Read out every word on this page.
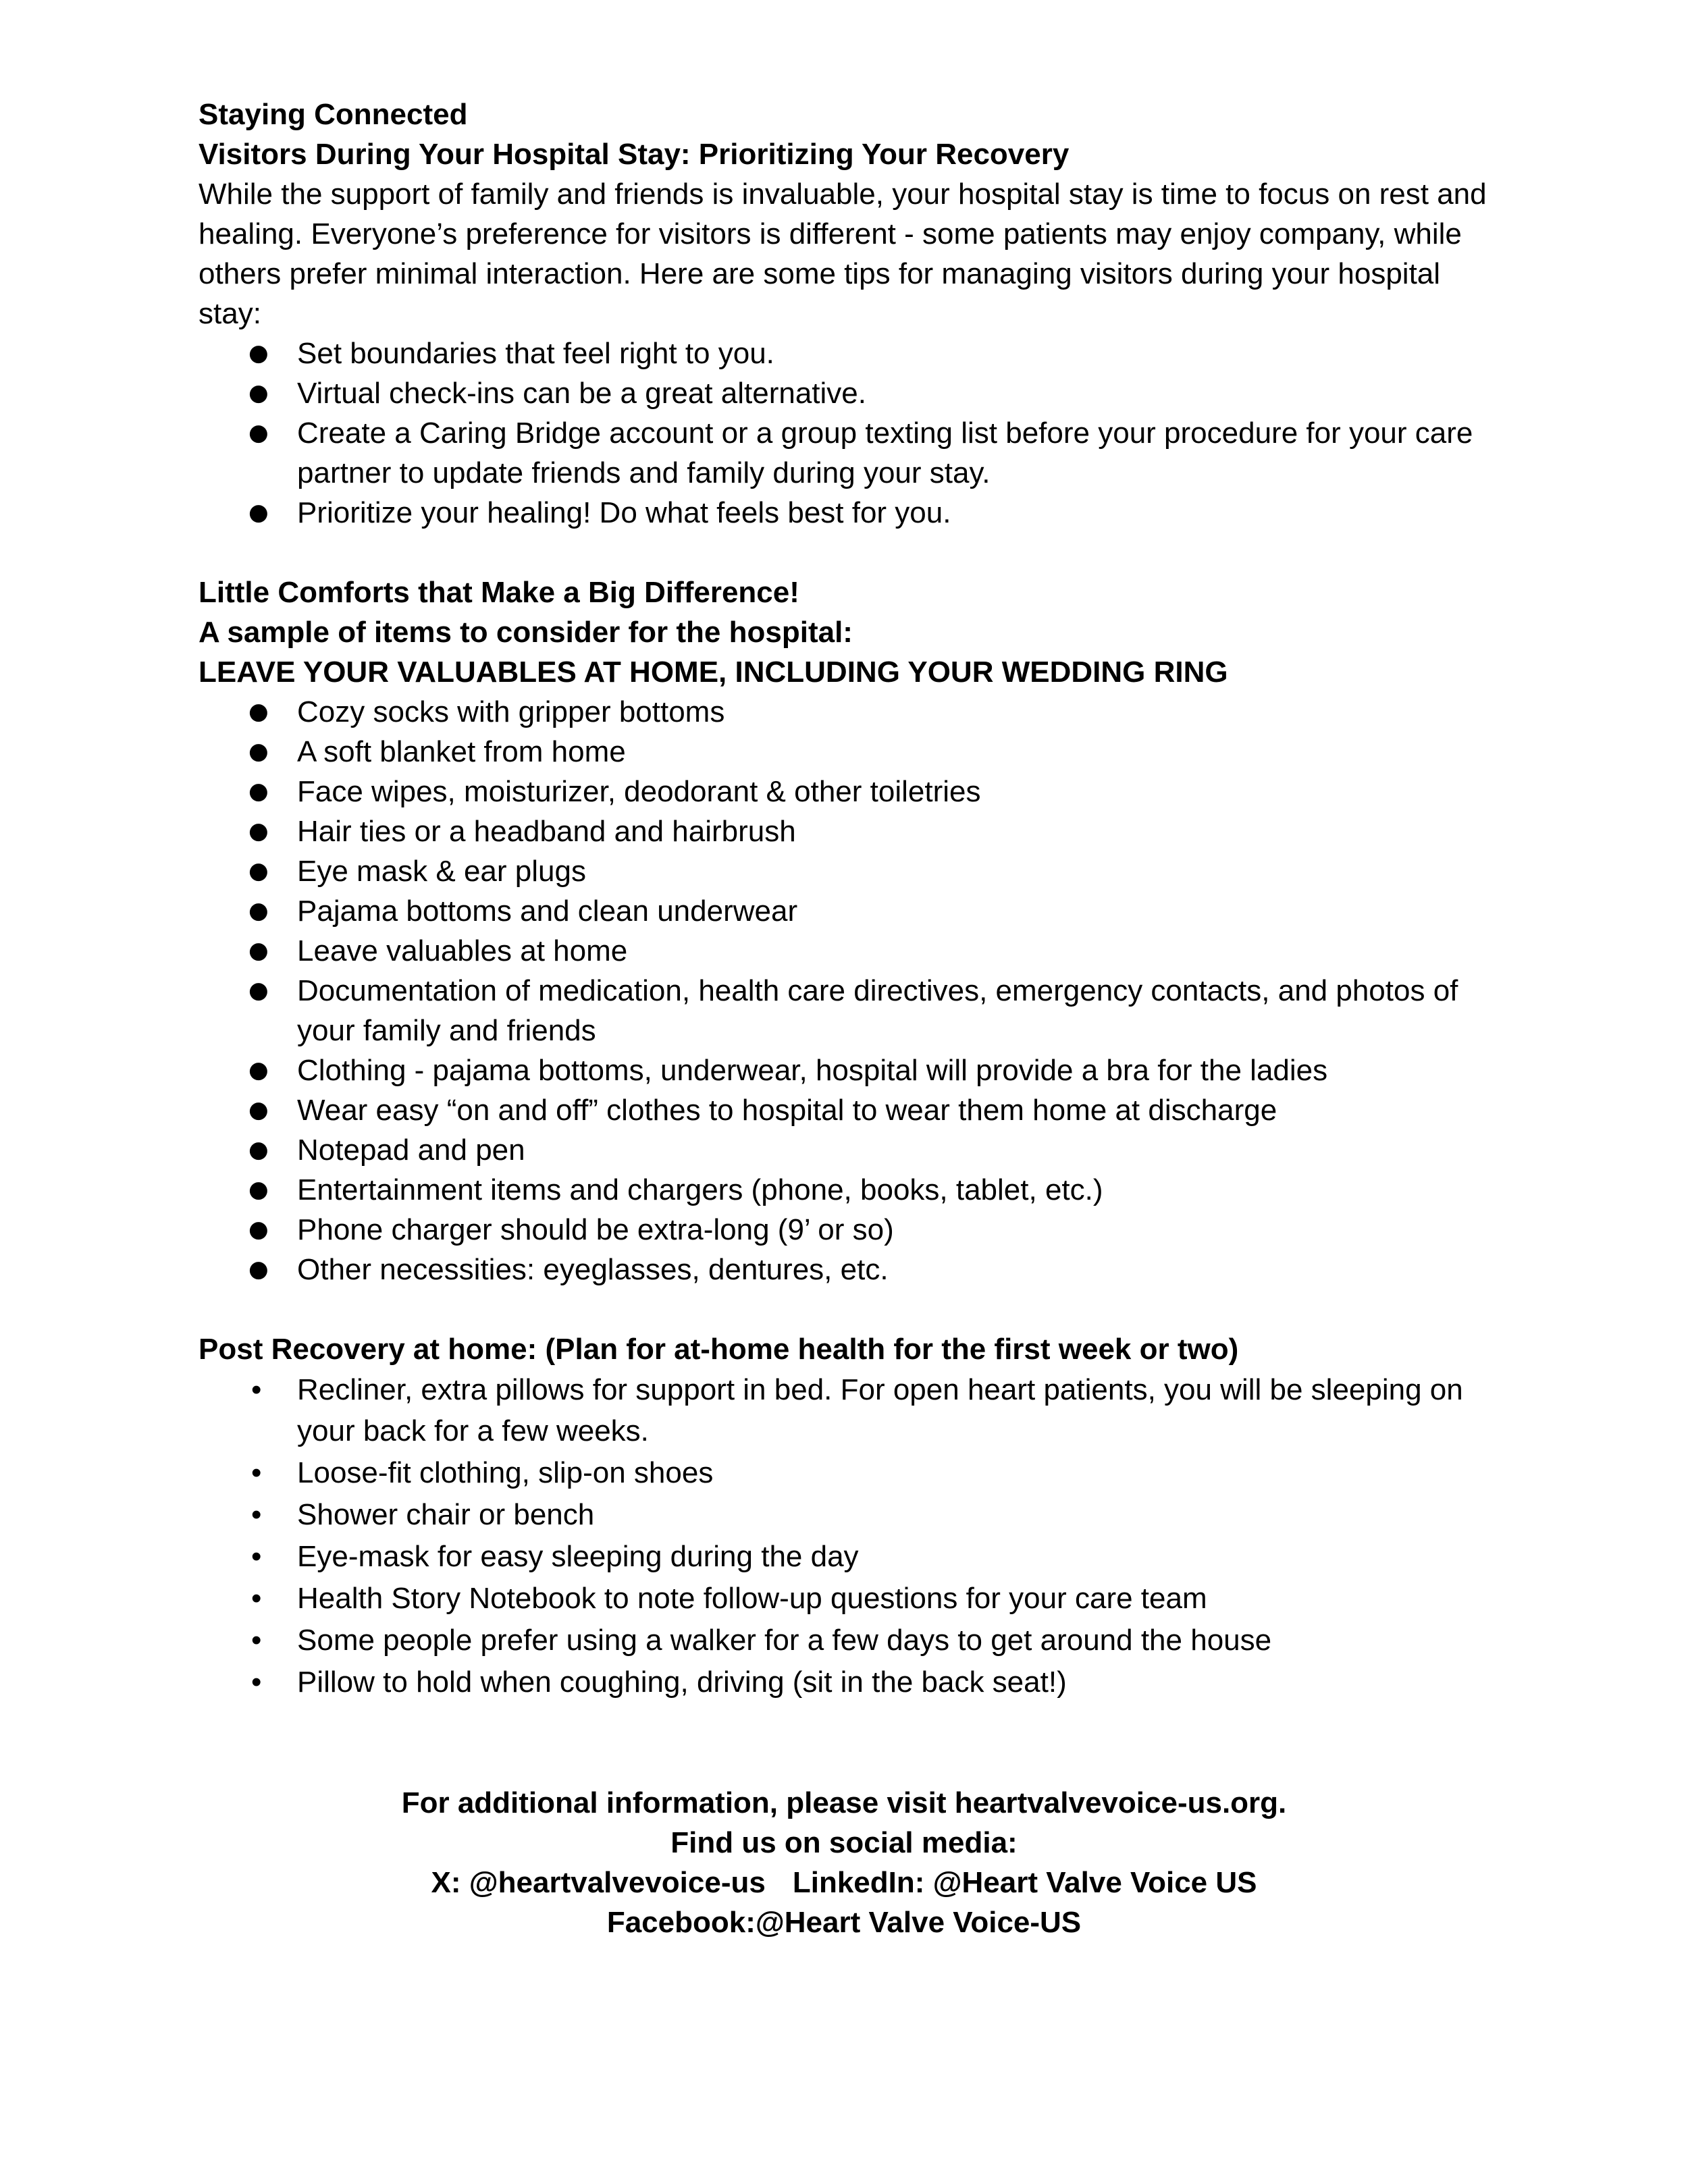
Staying Connected

Visitors During Your Hospital Stay: Prioritizing Your Recovery

While the support of family and friends is invaluable, your hospital stay is time to focus on rest and healing. Everyone’s preference for visitors is different - some patients may enjoy company, while others prefer minimal interaction. Here are some tips for managing visitors during your hospital stay:

● Set boundaries that feel right to you.
● Virtual check-ins can be a great alternative.
● Create a Caring Bridge account or a group texting list before your procedure for your care partner to update friends and family during your stay.
● Prioritize your healing! Do what feels best for you.

Little Comforts that Make a Big Difference!

A sample of items to consider for the hospital:

LEAVE YOUR VALUABLES AT HOME, INCLUDING YOUR WEDDING RING

● Cozy socks with gripper bottoms
● A soft blanket from home
● Face wipes, moisturizer, deodorant & other toiletries
● Hair ties or a headband and hairbrush
● Eye mask & ear plugs
● Pajama bottoms and clean underwear
● Leave valuables at home
● Documentation of medication, health care directives, emergency contacts, and photos of your family and friends
● Clothing - pajama bottoms, underwear, hospital will provide a bra for the ladies
● Wear easy “on and off” clothes to hospital to wear them home at discharge
● Notepad and pen
● Entertainment items and chargers (phone, books, tablet, etc.)
● Phone charger should be extra-long (9’ or so)
● Other necessities: eyeglasses, dentures, etc.

Post Recovery at home: (Plan for at-home health for the first week or two)

• Recliner, extra pillows for support in bed. For open heart patients, you will be sleeping on your back for a few weeks.
• Loose-fit clothing, slip-on shoes
• Shower chair or bench
• Eye-mask for easy sleeping during the day
• Health Story Notebook to note follow-up questions for your care team
• Some people prefer using a walker for a few days to get around the house
• Pillow to hold when coughing, driving (sit in the back seat!)

For additional information, please visit heartvalvevoice-us.org.

Find us on social media:

X: @heartvalvevoice-us LinkedIn: @Heart Valve Voice US

Facebook:@Heart Valve Voice-US
